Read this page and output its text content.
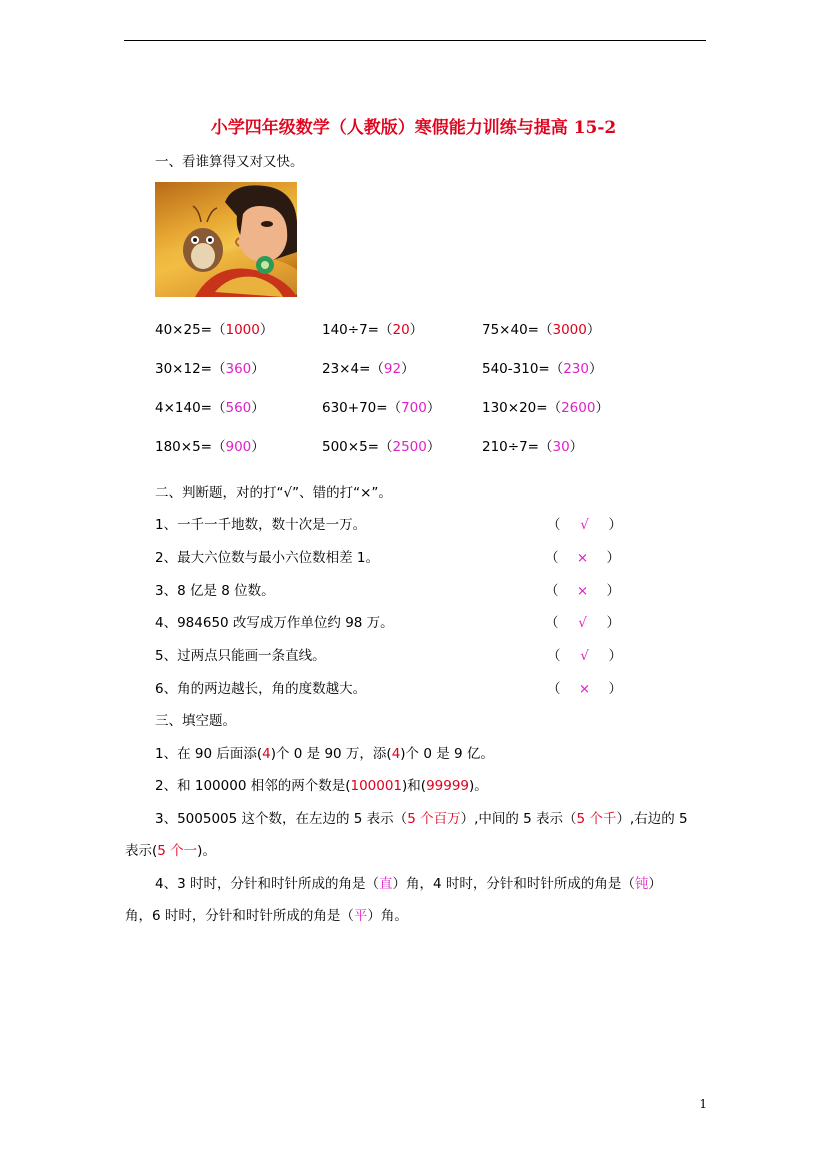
小学四年级数学（人教版）寒假能力训练与提高 15-2
一、看谁算得又对又快。
40×25=（1000）	140÷7=（20）	75×40=（3000）
30×12=（360）	23×4=（92）	540-310=（230）
4×140=（560）	630+70=（700）	130×20=（2600）
180×5=（900）	500×5=（2500）	210÷7=（30）
二、判断题，对的打“√”、错的打“×”。
1、一千一千地数，数十次是一万。	（ √ ）
2、最大六位数与最小六位数相差 1。	（ × ）
3、8 亿是 8 位数。	（ × ）
4、984650 改写成万作单位约 98 万。	（ √ ）
5、过两点只能画一条直线。	（ √ ）
6、角的两边越长，角的度数越大。	（ × ）
三、填空题。
1、在 90 后面添(4)个 0 是 90 万，添(4)个 0 是 9 亿。
2、和 100000 相邻的两个数是(100001)和(99999)。
3、5005005 这个数，在左边的 5 表示（5 个百万）,中间的 5 表示（5 个千）,右边的 5
表示(5 个一)。
4、3 时时，分针和时针所成的角是（直）角，4 时时，分针和时针所成的角是（钝）
角，6 时时，分针和时针所成的角是（平）角。
1
